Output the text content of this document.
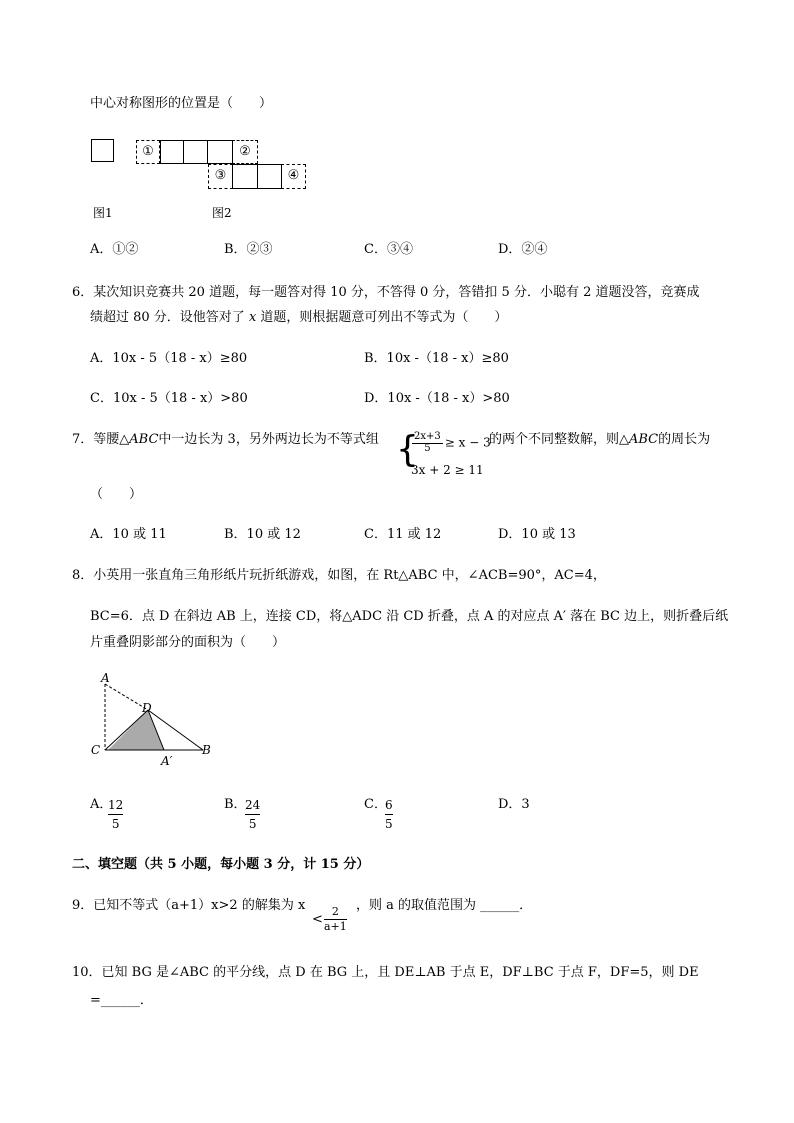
中心对称图形的位置是（　　）
①	②
③	④
图1	图2
A．①②	B．②③	C．③④	D．②④
6．某次知识竞赛共 20 道题，每一题答对得 10 分，不答得 0 分，答错扣 5 分．小聪有 2 道题没答，竞赛成
绩超过 80 分．设他答对了 x 道题，则根据题意可列出不等式为（　　）
A．10x - 5（18 - x）≥80	B．10x -（18 - x）≥80
C．10x - 5（18 - x）>80	D．10x -（18 - x）>80
7．等腰△ABC中一边长为 3，另外两边长为不等式组 {
$\frac{2x+3}{5} \ge x - 3$
3x + 2 ≥ 11
的两个不同整数解，则△ABC的周长为
（　　）
A．10 或 11	B．10 或 12	C．11 或 12	D．10 或 13
8．小英用一张直角三角形纸片玩折纸游戏，如图，在 Rt△ABC 中，∠ACB=90°，AC=4，
BC=6．点 D 在斜边 AB 上，连接 CD，将△ADC 沿 CD 折叠，点 A 的对应点 A′ 落在 BC 边上，则折叠后纸
片重叠阴影部分的面积为（　　）
A
D
C
A′
B
A．
12
5
B．
24
5
C．
6
5
D．3
二、填空题（共 5 小题，每小题 3 分，计 15 分）
9．已知不等式（a+1）x>2 的解集为 x
<
2
a+1
，则 a 的取值范围为 ______．
10．已知 BG 是∠ABC 的平分线，点 D 在 BG 上，且 DE⊥AB 于点 E，DF⊥BC 于点 F，DF=5，则 DE
=______．
